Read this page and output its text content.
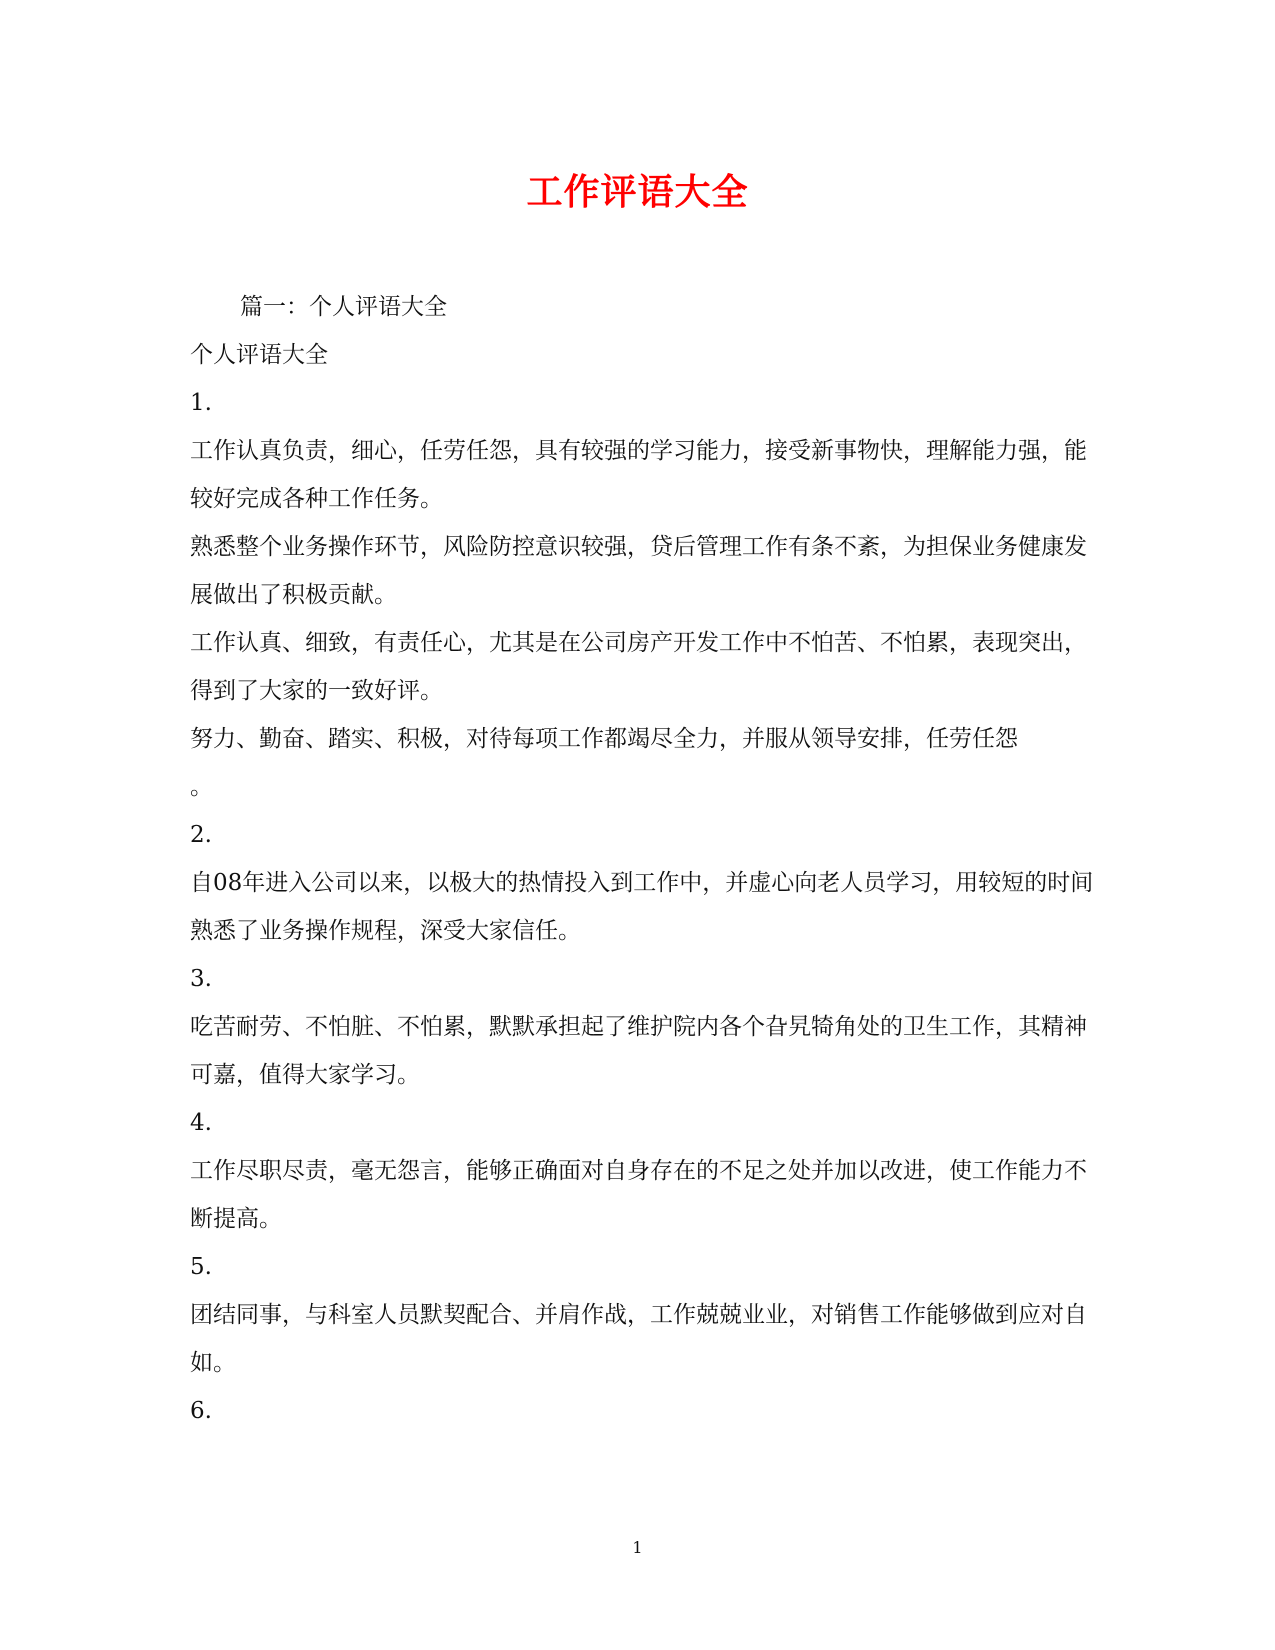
工作评语大全

篇一：个人评语大全

个人评语大全

1.

工作认真负责，细心，任劳任怨，具有较强的学习能力，接受新事物快，理解能力强，能较好完成各种工作任务。

熟悉整个业务操作环节，风险防控意识较强，贷后管理工作有条不紊，为担保业务健康发展做出了积极贡献。

工作认真、细致，有责任心，尤其是在公司房产开发工作中不怕苦、不怕累，表现突出，得到了大家的一致好评。

努力、勤奋、踏实、积极，对待每项工作都竭尽全力，并服从领导安排，任劳任怨

。

2.

自08年进入公司以来，以极大的热情投入到工作中，并虚心向老人员学习，用较短的时间熟悉了业务操作规程，深受大家信任。

3.

吃苦耐劳、不怕脏、不怕累，默默承担起了维护院内各个旮旯犄角处的卫生工作，其精神可嘉，值得大家学习。

4.

工作尽职尽责，毫无怨言，能够正确面对自身存在的不足之处并加以改进，使工作能力不断提高。

5.

团结同事，与科室人员默契配合、并肩作战，工作兢兢业业，对销售工作能够做到应对自如。

6.

1
